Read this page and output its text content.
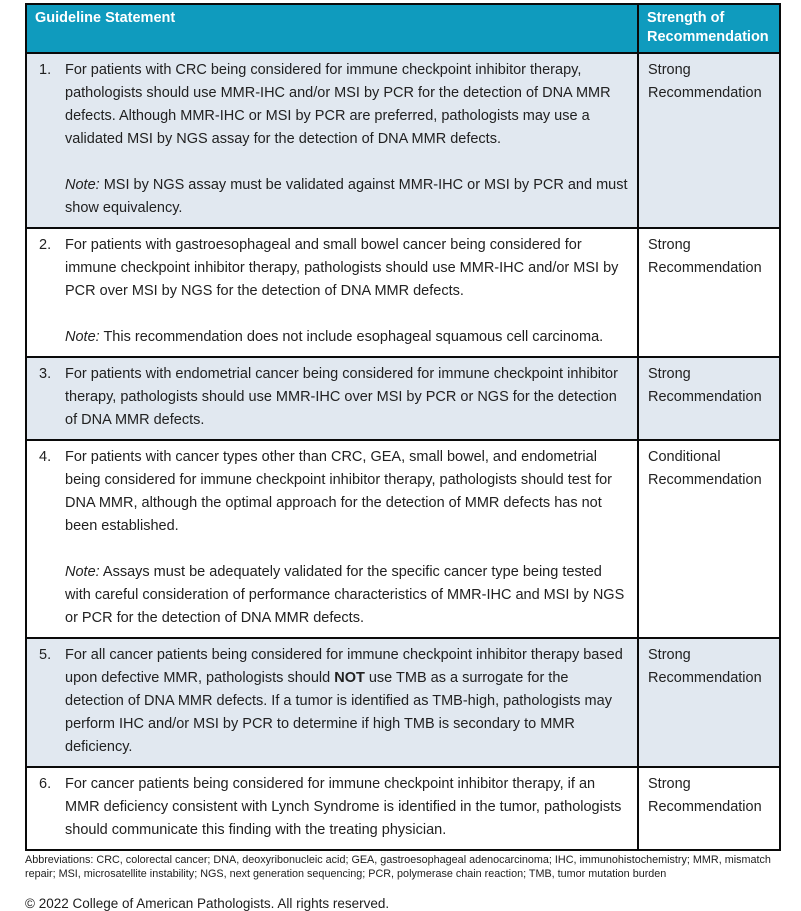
Guideline Statement	Strength of Recommendation

1. For patients with CRC being considered for immune checkpoint inhibitor therapy, pathologists should use MMR-IHC and/or MSI by PCR for the detection of DNA MMR defects. Although MMR-IHC or MSI by PCR are preferred, pathologists may use a validated MSI by NGS assay for the detection of DNA MMR defects.

Note: MSI by NGS assay must be validated against MMR-IHC or MSI by PCR and must show equivalency.	Strong Recommendation

2. For patients with gastroesophageal and small bowel cancer being considered for immune checkpoint inhibitor therapy, pathologists should use MMR-IHC and/or MSI by PCR over MSI by NGS for the detection of DNA MMR defects.

Note: This recommendation does not include esophageal squamous cell carcinoma.	Strong Recommendation

3. For patients with endometrial cancer being considered for immune checkpoint inhibitor therapy, pathologists should use MMR-IHC over MSI by PCR or NGS for the detection of DNA MMR defects.	Strong Recommendation

4. For patients with cancer types other than CRC, GEA, small bowel, and endometrial being considered for immune checkpoint inhibitor therapy, pathologists should test for DNA MMR, although the optimal approach for the detection of MMR defects has not been established.

Note: Assays must be adequately validated for the specific cancer type being tested with careful consideration of performance characteristics of MMR-IHC and MSI by NGS or PCR for the detection of DNA MMR defects.	Conditional Recommendation

5. For all cancer patients being considered for immune checkpoint inhibitor therapy based upon defective MMR, pathologists should NOT use TMB as a surrogate for the detection of DNA MMR defects. If a tumor is identified as TMB-high, pathologists may perform IHC and/or MSI by PCR to determine if high TMB is secondary to MMR deficiency.	Strong Recommendation

6. For cancer patients being considered for immune checkpoint inhibitor therapy, if an MMR deficiency consistent with Lynch Syndrome is identified in the tumor, pathologists should communicate this finding with the treating physician.	Strong Recommendation

Abbreviations: CRC, colorectal cancer; DNA, deoxyribonucleic acid; GEA, gastroesophageal adenocarcinoma; IHC, immunohistochemistry; MMR, mismatch repair; MSI, microsatellite instability; NGS, next generation sequencing; PCR, polymerase chain reaction; TMB, tumor mutation burden

© 2022 College of American Pathologists. All rights reserved.
